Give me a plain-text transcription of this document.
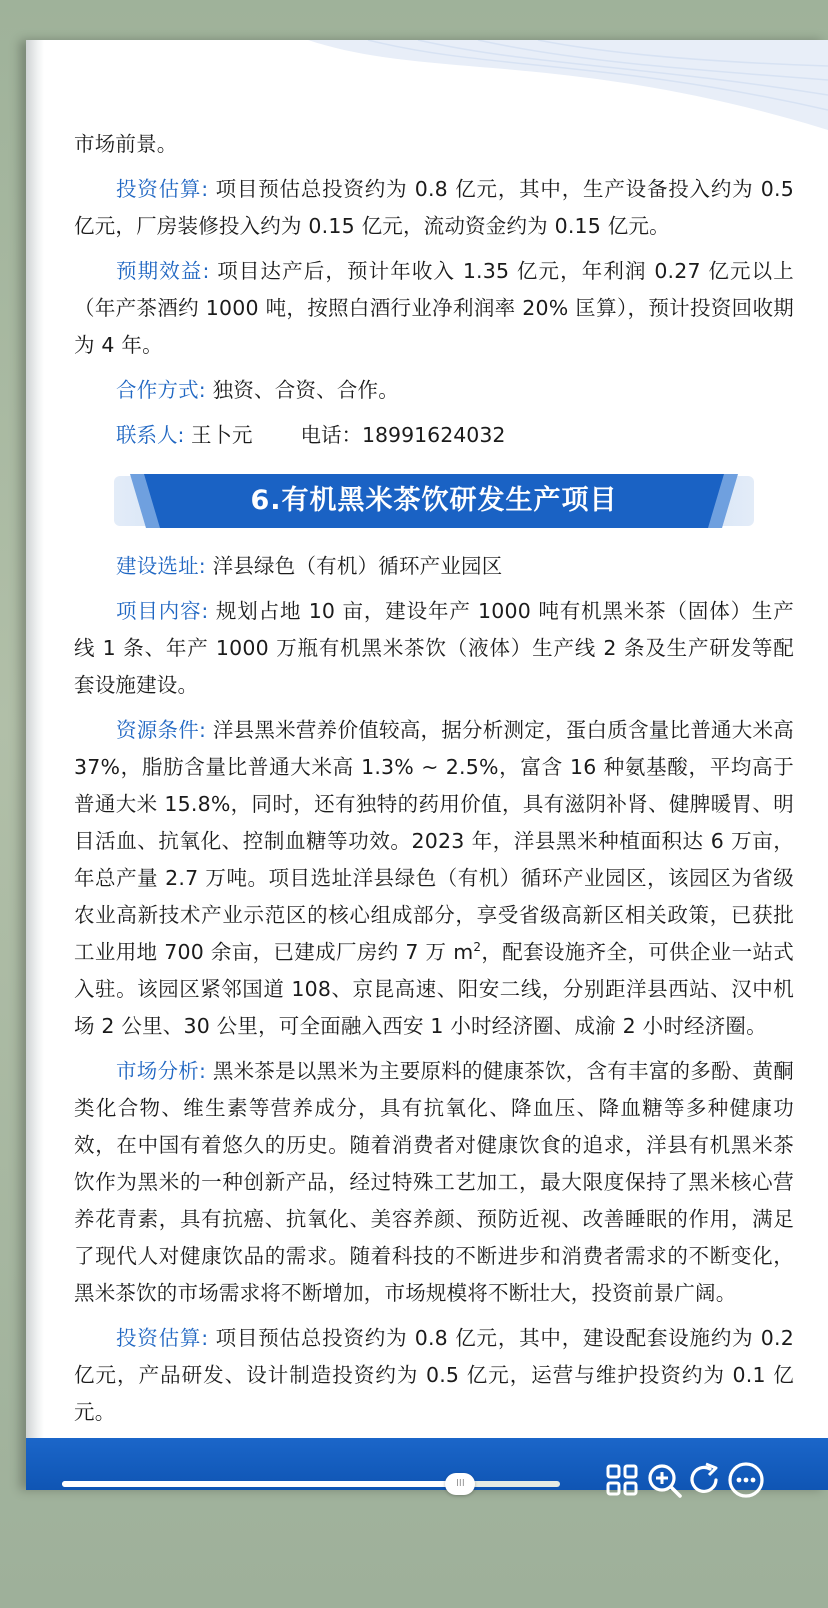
市场前景。

投资估算: 项目预估总投资约为 0.8 亿元，其中，生产设备投入约为 0.5 亿元，厂房装修投入约为 0.15 亿元，流动资金约为 0.15 亿元。

预期效益: 项目达产后，预计年收入 1.35 亿元，年利润 0.27 亿元以上（年产茶酒约 1000 吨，按照白酒行业净利润率 20% 匡算），预计投资回收期为 4 年。

合作方式: 独资、合资、合作。

联系人: 王卜元 电话：18991624032

6.有机黑米茶饮研发生产项目

建设选址: 洋县绿色（有机）循环产业园区

项目内容: 规划占地 10 亩，建设年产 1000 吨有机黑米茶（固体）生产线 1 条、年产 1000 万瓶有机黑米茶饮（液体）生产线 2 条及生产研发等配套设施建设。

资源条件: 洋县黑米营养价值较高，据分析测定，蛋白质含量比普通大米高 37%，脂肪含量比普通大米高 1.3% ~ 2.5%，富含 16 种氨基酸，平均高于普通大米 15.8%，同时，还有独特的药用价值，具有滋阴补肾、健脾暖胃、明目活血、抗氧化、控制血糖等功效。2023 年，洋县黑米种植面积达 6 万亩，年总产量 2.7 万吨。项目选址洋县绿色（有机）循环产业园区，该园区为省级农业高新技术产业示范区的核心组成部分，享受省级高新区相关政策，已获批工业用地 700 余亩，已建成厂房约 7 万 $m^2$，配套设施齐全，可供企业一站式入驻。该园区紧邻国道 108、京昆高速、阳安二线，分别距洋县西站、汉中机场 2 公里、30 公里，可全面融入西安 1 小时经济圈、成渝 2 小时经济圈。

市场分析: 黑米茶是以黑米为主要原料的健康茶饮，含有丰富的多酚、黄酮类化合物、维生素等营养成分，具有抗氧化、降血压、降血糖等多种健康功效，在中国有着悠久的历史。随着消费者对健康饮食的追求，洋县有机黑米茶饮作为黑米的一种创新产品，经过特殊工艺加工，最大限度保持了黑米核心营养花青素，具有抗癌、抗氧化、美容养颜、预防近视、改善睡眠的作用，满足了现代人对健康饮品的需求。随着科技的不断进步和消费者需求的不断变化，黑米茶饮的市场需求将不断增加，市场规模将不断壮大，投资前景广阔。

投资估算: 项目预估总投资约为 0.8 亿元，其中，建设配套设施约为 0.2 亿元，产品研发、设计制造投资约为 0.5 亿元，运营与维护投资约为 0.1 亿元。

III
